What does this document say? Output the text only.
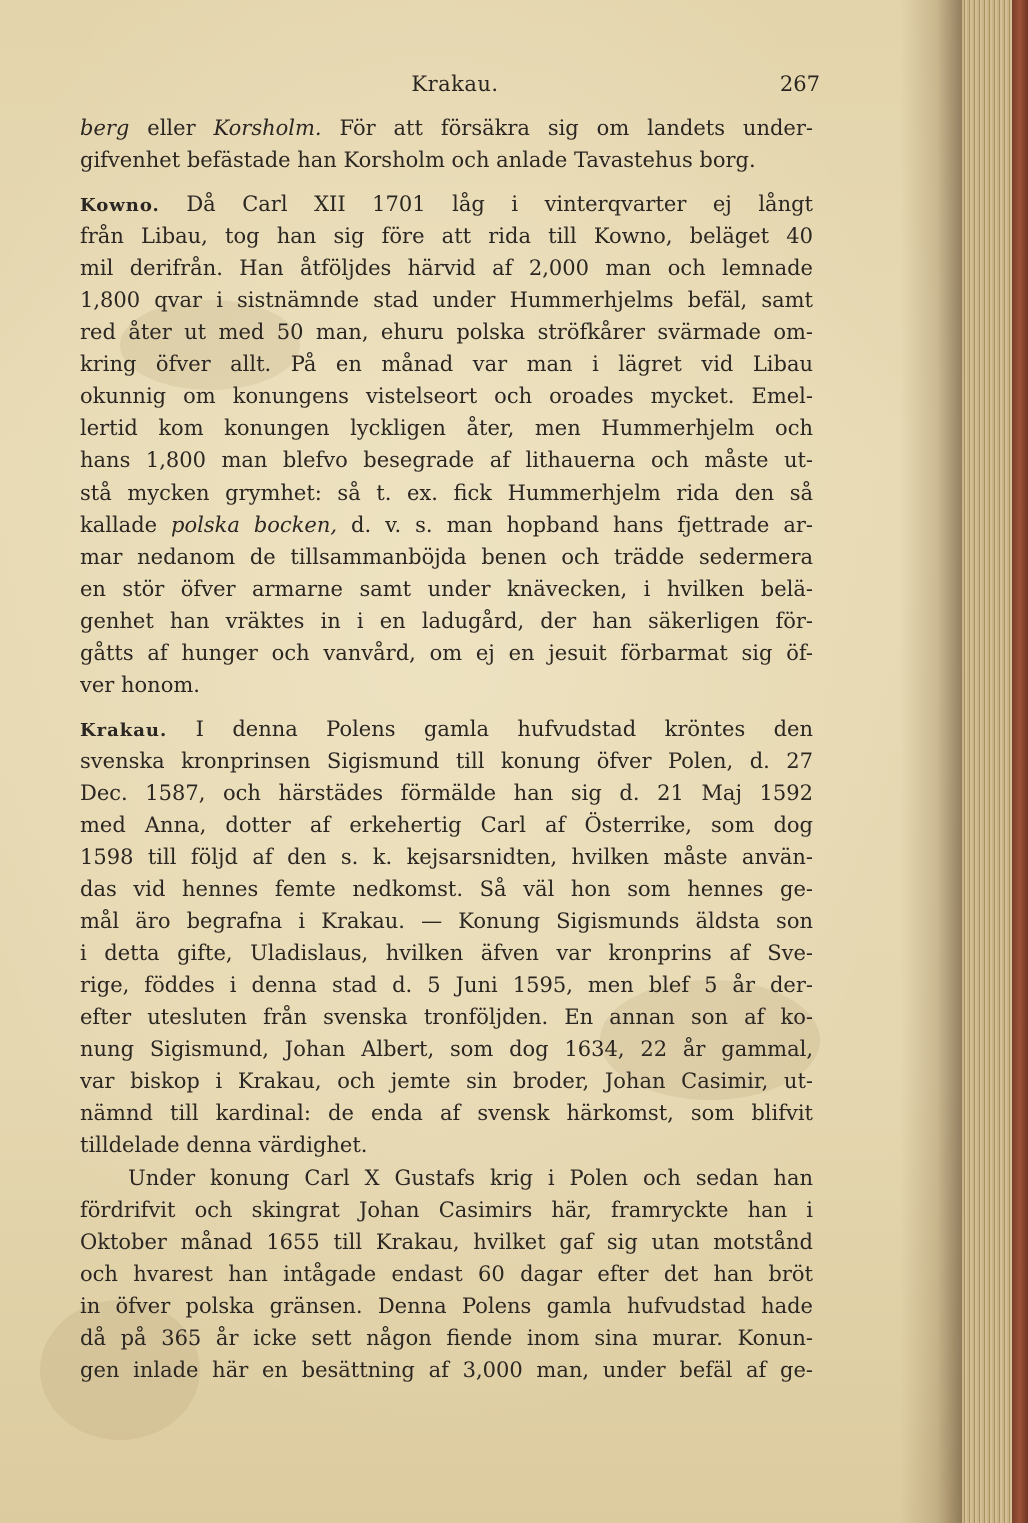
Krakau.	267
berg eller Korsholm. För att försäkra sig om landets under-
gifvenhet befästade han Korsholm och anlade Tavastehus borg.
Kowno. Då Carl XII 1701 låg i vinterqvarter ej långt
från Libau, tog han sig före att rida till Kowno, beläget 40
mil derifrån. Han åtföljdes härvid af 2,000 man och lemnade
1,800 qvar i sistnämnde stad under Hummerhjelms befäl, samt
red åter ut med 50 man, ehuru polska ströfkårer svärmade om-
kring öfver allt. På en månad var man i lägret vid Libau
okunnig om konungens vistelseort och oroades mycket. Emel-
lertid kom konungen lyckligen åter, men Hummerhjelm och
hans 1,800 man blefvo besegrade af lithauerna och måste ut-
stå mycken grymhet: så t. ex. fick Hummerhjelm rida den så
kallade polska bocken, d. v. s. man hopband hans fjettrade ar-
mar nedanom de tillsammanböjda benen och trädde sedermera
en stör öfver armarne samt under knävecken, i hvilken belä-
genhet han vräktes in i en ladugård, der han säkerligen för-
gåtts af hunger och vanvård, om ej en jesuit förbarmat sig öf-
ver honom.
Krakau. I denna Polens gamla hufvudstad kröntes den
svenska kronprinsen Sigismund till konung öfver Polen, d. 27
Dec. 1587, och härstädes förmälde han sig d. 21 Maj 1592
med Anna, dotter af erkehertig Carl af Österrike, som dog
1598 till följd af den s. k. kejsarsnidten, hvilken måste använ-
das vid hennes femte nedkomst. Så väl hon som hennes ge-
mål äro begrafna i Krakau. — Konung Sigismunds äldsta son
i detta gifte, Uladislaus, hvilken äfven var kronprins af Sve-
rige, föddes i denna stad d. 5 Juni 1595, men blef 5 år der-
efter utesluten från svenska tronföljden. En annan son af ko-
nung Sigismund, Johan Albert, som dog 1634, 22 år gammal,
var biskop i Krakau, och jemte sin broder, Johan Casimir, ut-
nämnd till kardinal: de enda af svensk härkomst, som blifvit
tilldelade denna värdighet.
Under konung Carl X Gustafs krig i Polen och sedan han
fördrifvit och skingrat Johan Casimirs här, framryckte han i
Oktober månad 1655 till Krakau, hvilket gaf sig utan motstånd
och hvarest han intågade endast 60 dagar efter det han bröt
in öfver polska gränsen. Denna Polens gamla hufvudstad hade
då på 365 år icke sett någon fiende inom sina murar. Konun-
gen inlade här en besättning af 3,000 man, under befäl af ge-
